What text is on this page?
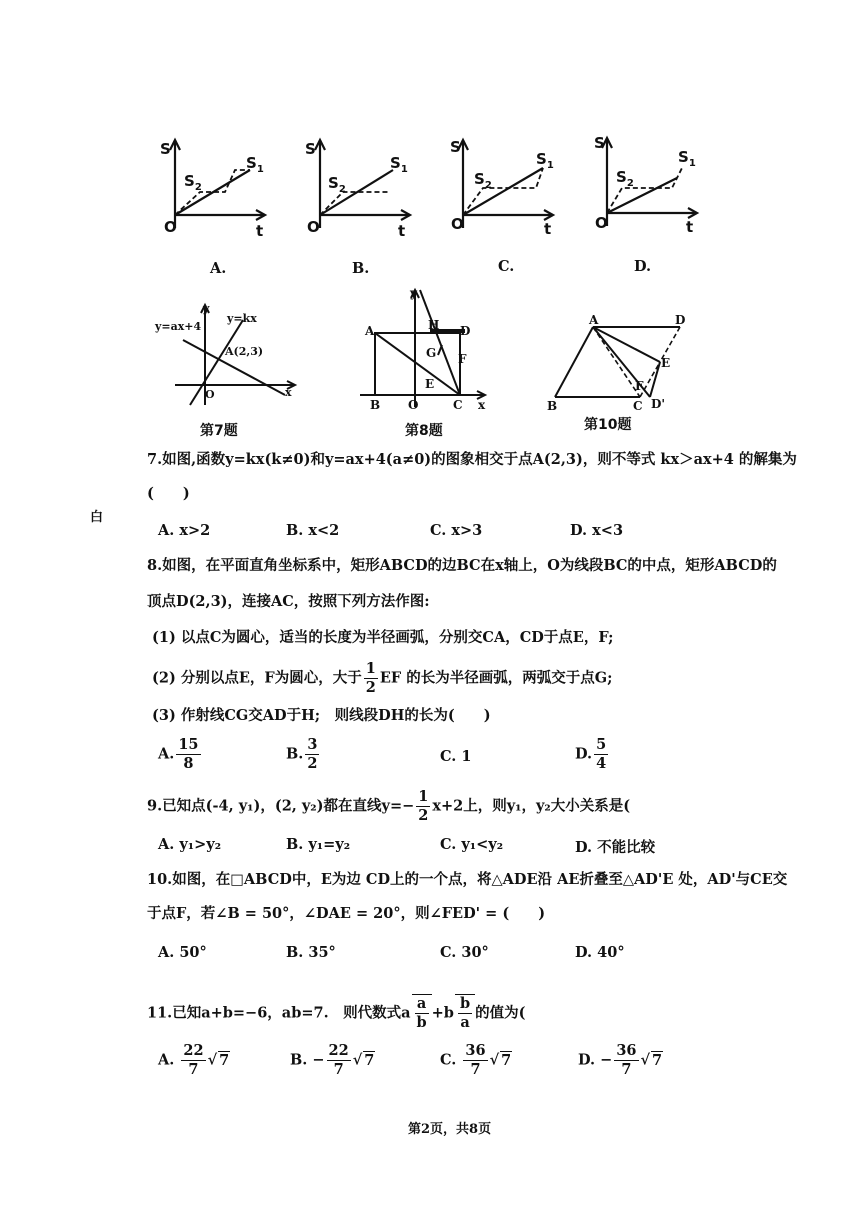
S
$S_1$
$S_2$
O	t
A.
S
$S_1$
$S_2$
O	t
B.
S
$S_1$
$S_2$
O	t
C.
S
$S_1$
$S_2$
O	t
D.
y=ax+4
y=kx
A(2,3)
y
x
O
第7题
A	H D
G F
E
B O	C x
y
第8题
A	D
E
F
B	C D'
第10题
白
7.如图,函数y=kx(k≠0)和y=ax+4(a≠0)的图象相交于点A(2,3)，则不等式 kx＞ax+4 的解集为
(　　)
A. x>2	B. x<2	C. x>3	D. x<3
8.如图，在平面直角坐标系中，矩形ABCD的边BC在x轴上，O为线段BC的中点，矩形ABCD的
顶点D(2,3)，连接AC，按照下列方法作图:
(1) 以点C为圆心，适当的长度为半径画弧，分别交CA，CD于点E，F;
(2) 分别以点E，F为圆心，大于 $\frac{1}{2}$ EF 的长为半径画弧，两弧交于点G;
(3) 作射线CG交AD于H;　则线段DH的长为(　　)
A. $\frac{15}{8}$	B. $\frac{3}{2}$	C. 1	D. $\frac{5}{4}$
9.已知点(-4, y₁)，(2, y₂)都在直线$y=- \frac{1}{2} x+2$上，则y₁，y₂大小关系是(
A. y₁>y₂	B. y₁=y₂	C. y₁<y₂	D. 不能比较
10.如图，在□ABCD中，E为边 CD上的一个点，将△ADE沿 AE折叠至△AD'E 处，AD'与CE交
于点F，若∠B = 50°，∠DAE = 20°，则∠FED' = (　　)
A. 50°	B. 35°	C. 30°	D. 40°
11.已知a+b=−6，ab=7.　则代数式a $\frac{a}{b} +b \frac{b}{a}$ 的值为(
A. $\frac{22}{7}$ √ 7	B. − $\frac{22}{7}$ √ 7	C. $\frac{36}{7}$ √ 7	D. − $\frac{36}{7}$ √ 7
第2页，共8页
